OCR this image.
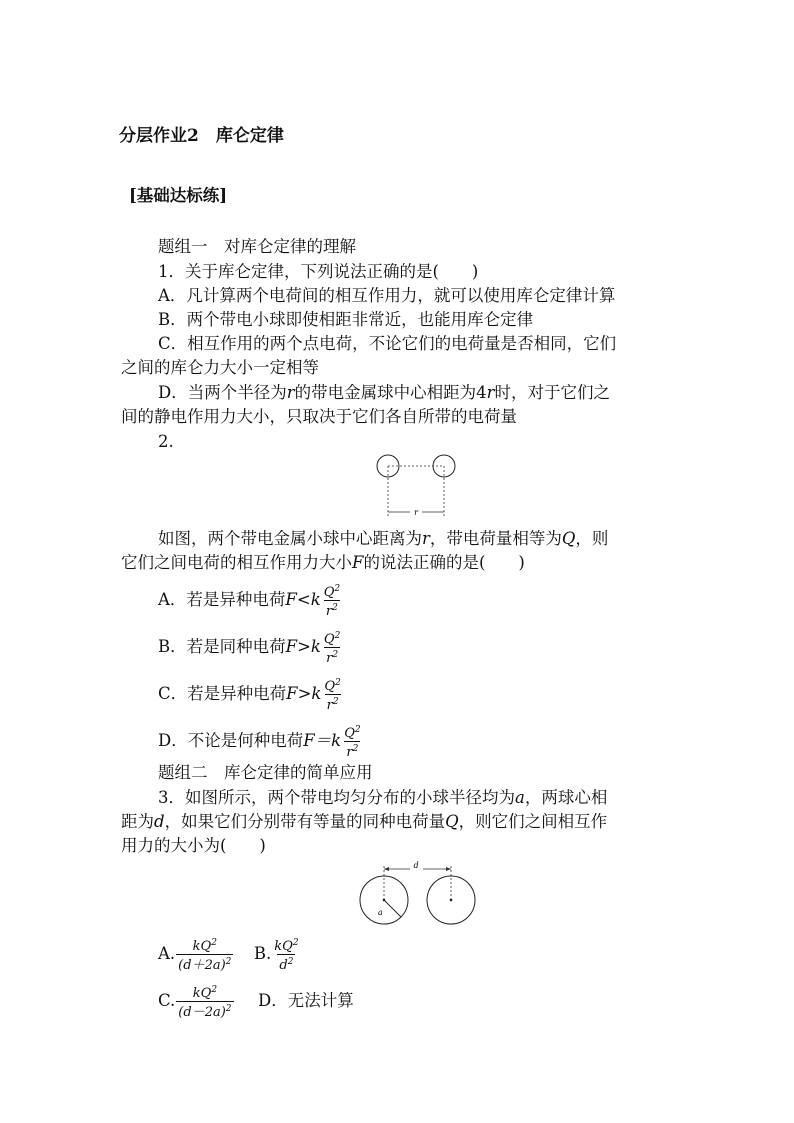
分层作业2　库仑定律
[基础达标练]
题组一　对库仑定律的理解
1．关于库仑定律，下列说法正确的是(　　)
A．凡计算两个电荷间的相互作用力，就可以使用库仑定律计算
B．两个带电小球即使相距非常近，也能用库仑定律
C．相互作用的两个点电荷，不论它们的电荷量是否相同，它们
之间的库仑力大小一定相等
D．当两个半径为r的带电金属球中心相距为4r时，对于它们之
间的静电作用力大小，只取决于它们各自所带的电荷量
2.
r
如图，两个带电金属小球中心距离为r，带电荷量相等为Q，则
它们之间电荷的相互作用力大小F的说法正确的是(　　)
A．若是异种电荷$F<k \frac{Q^2}{r^2}$
B．若是同种电荷$F>k \frac{Q^2}{r^2}$
C．若是异种电荷$F>k \frac{Q^2}{r^2}$
D．不论是何种电荷$F=k \frac{Q^2}{r^2}$
题组二　库仑定律的简单应用
3．如图所示，两个带电均匀分布的小球半径均为a，两球心相
距为d，如果它们分别带有等量的同种电荷量Q，则它们之间相互作
用力的大小为(　　)
d
a
A. $\frac{kQ^2}{(d+2a)^2} B$. $\frac{kQ^2}{d^2}$
C. $\frac{kQ^2}{(d-2a)^2}$ D．无法计算
